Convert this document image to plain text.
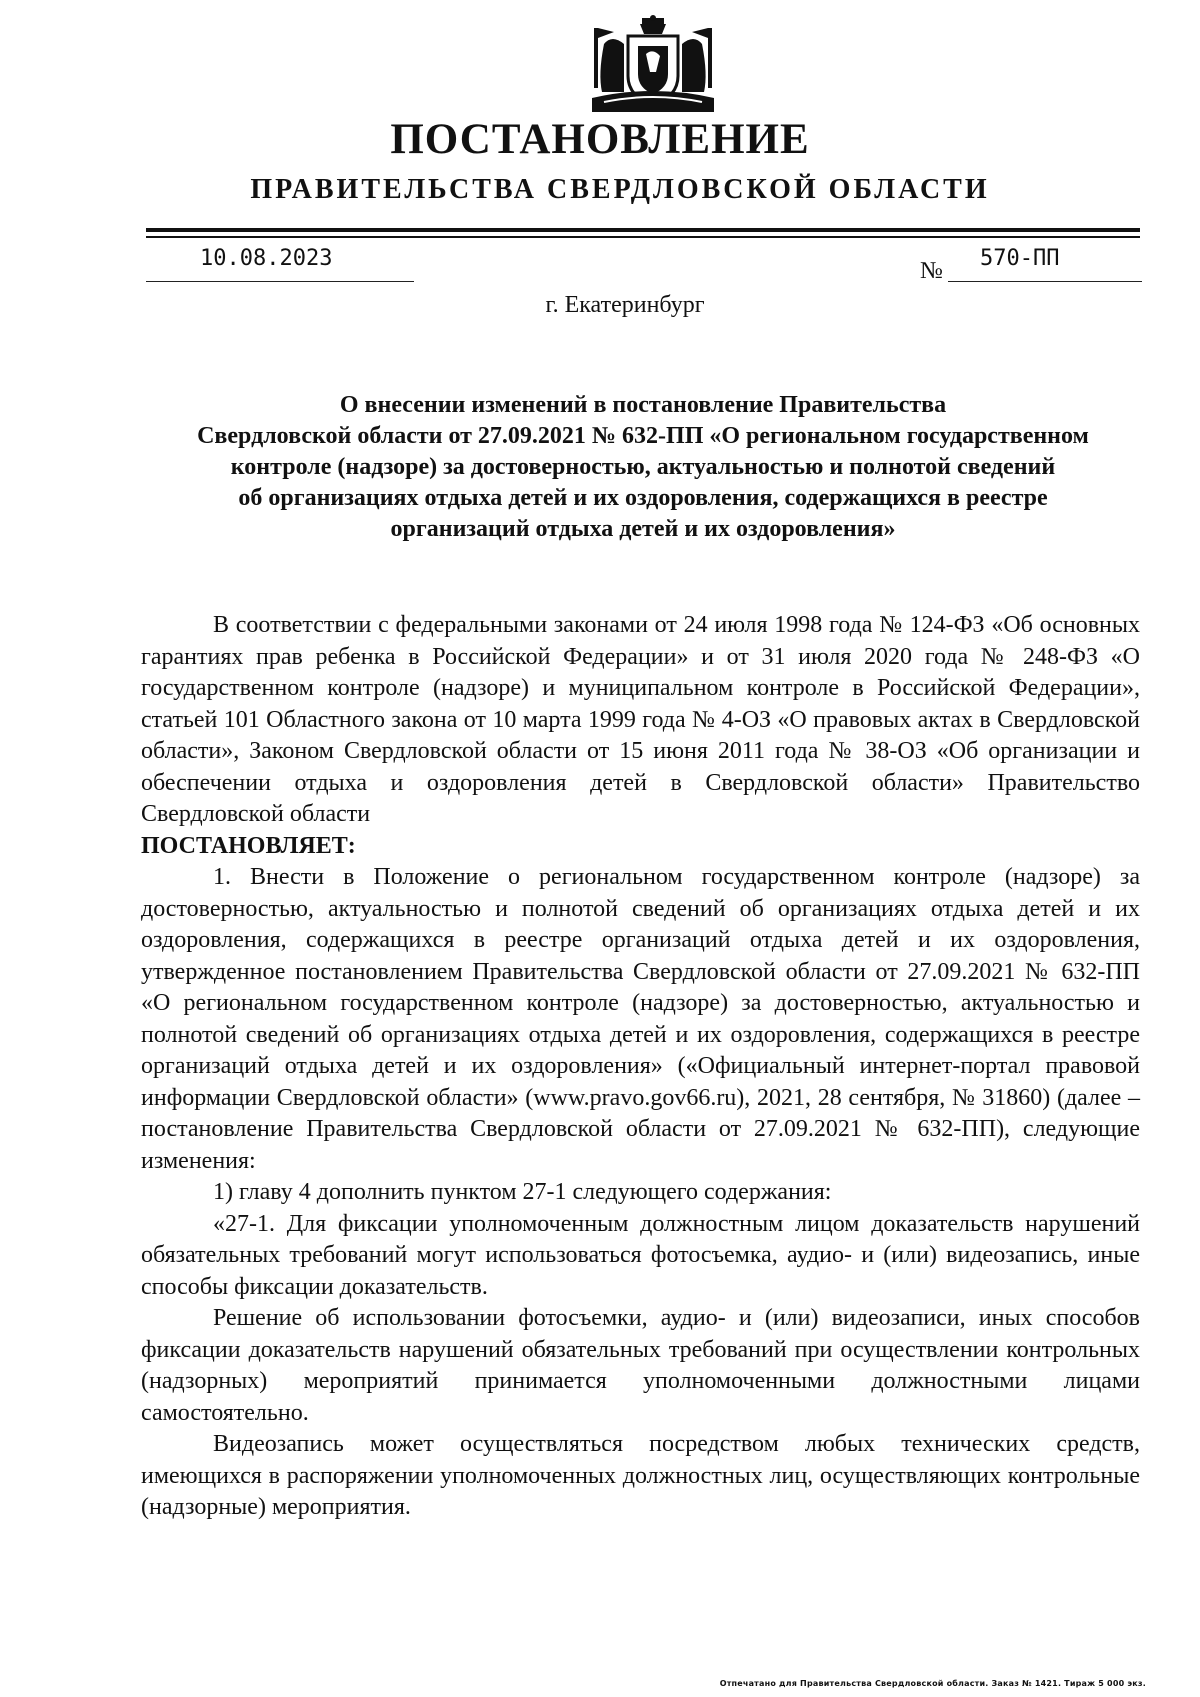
ПОСТАНОВЛЕНИЕ
ПРАВИТЕЛЬСТВА СВЕРДЛОВСКОЙ ОБЛАСТИ
10.08.2023	№ 570-ПП
г. Екатеринбург

О внесении изменений в постановление Правительства

Свердловской области от 27.09.2021 № 632-ПП «О региональном государственном

контроле (надзоре) за достоверностью, актуальностью и полнотой сведений

об организациях отдыха детей и их оздоровления, содержащихся в реестре

организаций отдыха детей и их оздоровления»

В соответствии с федеральными законами от 24 июля 1998 года № 124-ФЗ «Об основных гарантиях прав ребенка в Российской Федерации» и от 31 июля 2020 года № 248-ФЗ «О государственном контроле (надзоре) и муниципальном контроле в Российской Федерации», статьей 101 Областного закона от 10 марта 1999 года № 4-ОЗ «О правовых актах в Свердловской области», Законом Свердловской области от 15 июня 2011 года № 38-ОЗ «Об организации и обеспечении отдыха и оздоровления детей в Свердловской области» Правительство Свердловской области

ПОСТАНОВЛЯЕТ:

1. Внести в Положение о региональном государственном контроле (надзоре) за достоверностью, актуальностью и полнотой сведений об организациях отдыха детей и их оздоровления, содержащихся в реестре организаций отдыха детей и их оздоровления, утвержденное постановлением Правительства Свердловской области от 27.09.2021 № 632-ПП «О региональном государственном контроле (надзоре) за достоверностью, актуальностью и полнотой сведений об организациях отдыха детей и их оздоровления, содержащихся в реестре организаций отдыха детей и их оздоровления» («Официальный интернет-портал правовой информации Свердловской области» (www.pravo.gov66.ru), 2021, 28 сентября, № 31860) (далее – постановление Правительства Свердловской области от 27.09.2021 № 632-ПП), следующие изменения:

1) главу 4 дополнить пунктом 27-1 следующего содержания:

«27-1. Для фиксации уполномоченным должностным лицом доказательств нарушений обязательных требований могут использоваться фотосъемка, аудио- и (или) видеозапись, иные способы фиксации доказательств.

Решение об использовании фотосъемки, аудио- и (или) видеозаписи, иных способов фиксации доказательств нарушений обязательных требований при осуществлении контрольных (надзорных) мероприятий принимается уполномоченными должностными лицами самостоятельно.

Видеозапись может осуществляться посредством любых технических средств, имеющихся в распоряжении уполномоченных должностных лиц, осуществляющих контрольные (надзорные) мероприятия.

Отпечатано для Правительства Свердловской области. Заказ № 1421. Тираж 5 000 экз.
